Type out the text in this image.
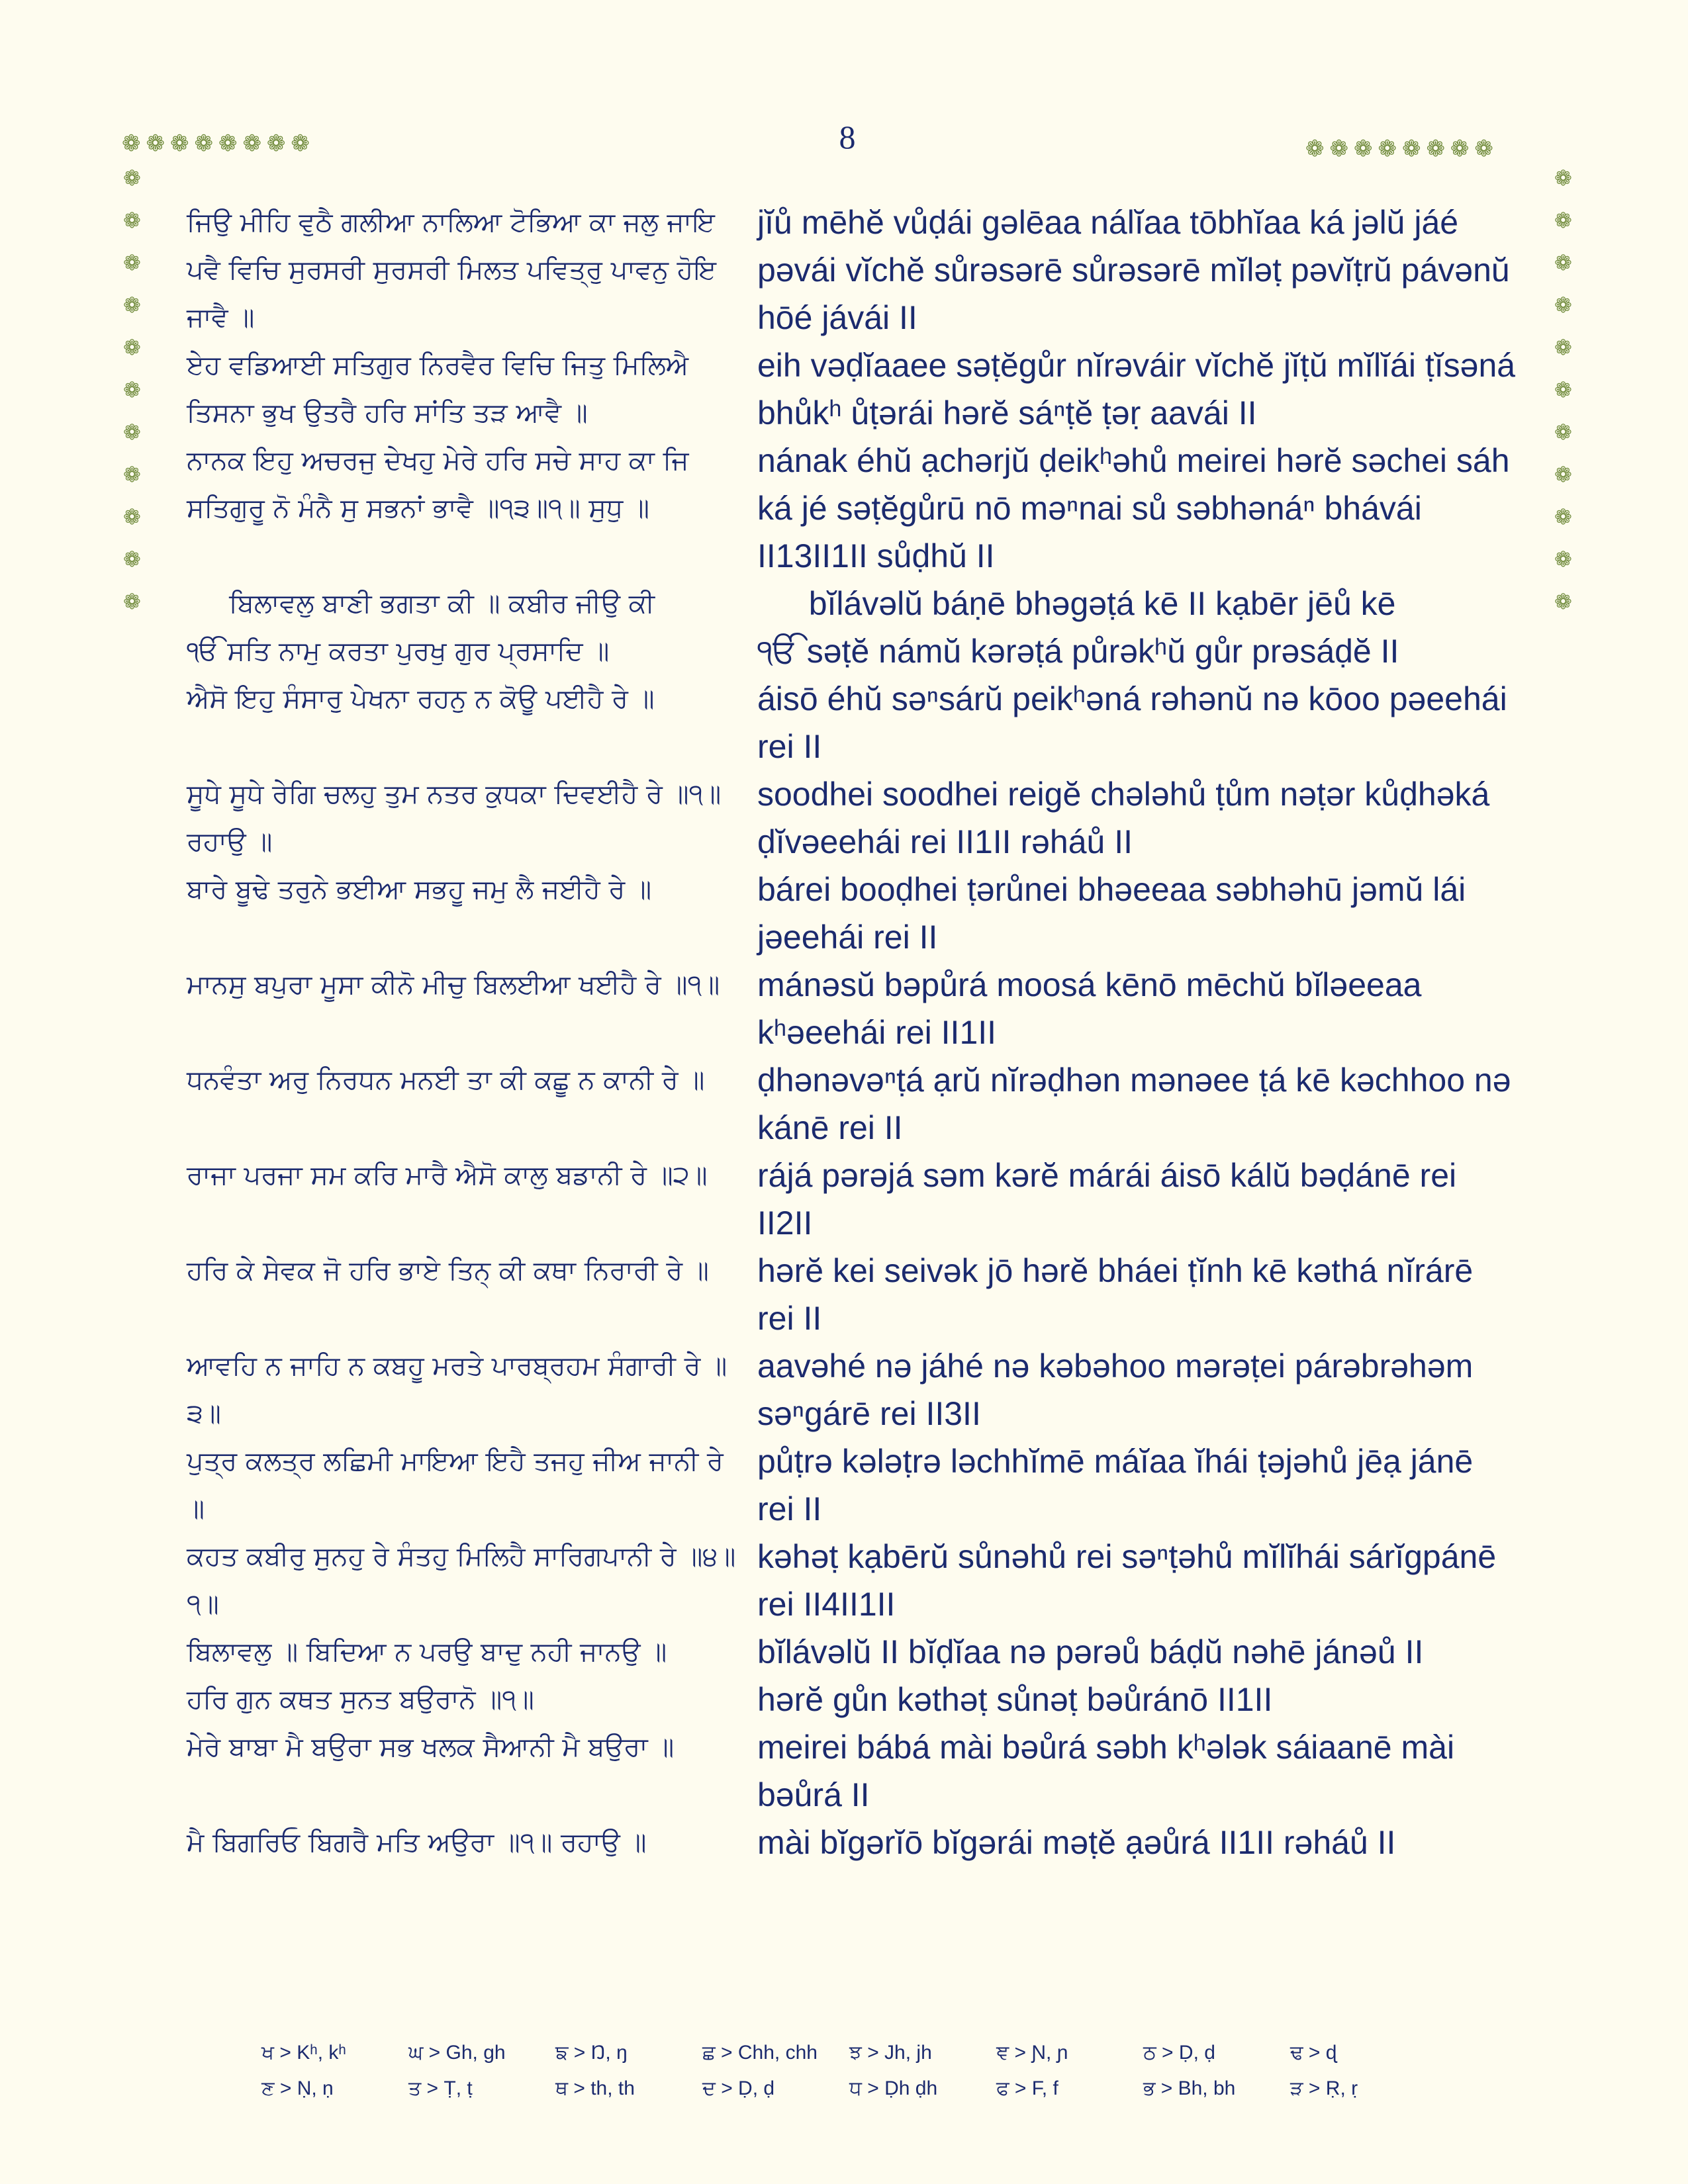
8
❁❁❁❁❁❁❁❁	❁❁❁❁❁❁❁❁
❁
❁
❁
❁
❁
❁
❁
❁
❁
❁
❁
❁
❁
❁
❁
❁
❁
❁
❁
❁
❁
❁
ਜਿਉ ਮੀਹਿ ਵੁਠੈ ਗਲੀਆ ਨਾਲਿਆ ਟੋਭਿਆ ਕਾ ਜਲੁ ਜਾਇ ਪਵੈ ਵਿਚਿ ਸੁਰਸਰੀ ਸੁਰਸਰੀ ਮਿਲਤ ਪਵਿਤ੍ਰੁ ਪਾਵਨੁ ਹੋਇ ਜਾਵੈ ॥
jĭů mēhĕ vůḍái gəlēaa nálĭaa tōbhĭaa ká jəlŭ jáé pəvái vĭchĕ sůrəsərē sůrəsərē mĭləṭ pəvĭṭrŭ pávənŭ hōé jávái II
ਏਹ ਵਡਿਆਈ ਸਤਿਗੁਰ ਨਿਰਵੈਰ ਵਿਚਿ ਜਿਤੁ ਮਿਲਿਐ ਤਿਸਨਾ ਭੁਖ ਉਤਰੈ ਹਰਿ ਸਾਂਤਿ ਤੜ ਆਵੈ ॥
eih vəḍĭaaee səṭĕgůr nĭrəváir vĭchĕ jĭṭŭ mĭlĭái ṭĭsəná bhůkʰ ůṭərái hərĕ sáⁿṭĕ ṭəṛ aavái II
ਨਾਨਕ ਇਹੁ ਅਚਰਜੁ ਦੇਖਹੁ ਮੇਰੇ ਹਰਿ ਸਚੇ ਸਾਹ ਕਾ ਜਿ ਸਤਿਗੁਰੂ ਨੋ ਮੰਨੈ ਸੁ ਸਭਨਾਂ ਭਾਵੈ ॥੧੩॥੧॥ ਸੁਧੁ ॥
nának éhŭ ạchərjŭ ḍeikʰəhů meirei hərĕ səchei sáh ká jé səṭĕgůrū nō məⁿnai sů səbhənáⁿ bhávái II13II1II sůḍhŭ II
ਬਿਲਾਵਲੁ ਬਾਣੀ ਭਗਤਾ ਕੀ ॥ ਕਬੀਰ ਜੀਉ ਕੀ	bĭlávəlŭ báṇē bhəgəṭá kē II kạbēr jēů kē
ੴ ਸਤਿ ਨਾਮੁ ਕਰਤਾ ਪੁਰਖੁ ਗੁਰ ਪ੍ਰਸਾਦਿ ॥	ੴ səṭĕ námŭ kərəṭá půrəkʰŭ gůr prəsáḍĕ II
ਐਸੋ ਇਹੁ ਸੰਸਾਰੁ ਪੇਖਨਾ ਰਹਨੁ ਨ ਕੋਊ ਪਈਹੈ ਰੇ ॥	áisō éhŭ səⁿsárŭ peikʰəná rəhənŭ nə kōoo pəeehái rei II
ਸੂਧੇ ਸੂਧੇ ਰੇਗਿ ਚਲਹੁ ਤੁਮ ਨਤਰ ਕੁਧਕਾ ਦਿਵਈਹੈ ਰੇ ॥੧॥ ਰਹਾਉ ॥
soodhei soodhei reigĕ chələhů ṭům nəṭər kůḍhəká ḍĭvəeehái rei II1II rəháů II
ਬਾਰੇ ਬੂਢੇ ਤਰੁਨੇ ਭਈਆ ਸਭਹੂ ਜਮੁ ਲੈ ਜਈਹੈ ਰੇ ॥	bárei booḍhei ṭərůnei bhəeeaa səbhəhū jəmŭ lái jəeehái rei II
ਮਾਨਸੁ ਬਪੁਰਾ ਮੂਸਾ ਕੀਨੋ ਮੀਚੁ ਬਿਲਈਆ ਖਈਹੈ ਰੇ ॥੧॥	mánəsŭ bəpůrá moosá kēnō mēchŭ bĭləeeaa kʰəeehái rei II1II
ਧਨਵੰਤਾ ਅਰੁ ਨਿਰਧਨ ਮਨਈ ਤਾ ਕੀ ਕਛੂ ਨ ਕਾਨੀ ਰੇ ॥	ḍhənəvəⁿṭá ạrŭ nĭrəḍhən mənəee ṭá kē kəchhoo nə kánē rei II
ਰਾਜਾ ਪਰਜਾ ਸਮ ਕਰਿ ਮਾਰੈ ਐਸੋ ਕਾਲੁ ਬਡਾਨੀ ਰੇ ॥੨॥	rájá pərəjá səm kərĕ márái áisō kálŭ bəḍánē rei II2II
ਹਰਿ ਕੇ ਸੇਵਕ ਜੋ ਹਰਿ ਭਾਏ ਤਿਨ੍ ਕੀ ਕਥਾ ਨਿਰਾਰੀ ਰੇ ॥	hərĕ kei seivək jō hərĕ bháei ṭĭnh kē kəthá nĭrárē rei II
ਆਵਹਿ ਨ ਜਾਹਿ ਨ ਕਬਹੂ ਮਰਤੇ ਪਾਰਬ੍ਰਹਮ ਸੰਗਾਰੀ ਰੇ ॥੩॥
aavəhé nə jáhé nə kəbəhoo mərəṭei párəbrəhəm səⁿgárē rei II3II
ਪੁਤ੍ਰ ਕਲਤ੍ਰ ਲਛਿਮੀ ਮਾਇਆ ਇਹੈ ਤਜਹੁ ਜੀਅ ਜਾਨੀ ਰੇ ॥
půṭrə kələṭrə ləchhĭmē máĭaa ĭhái ṭəjəhů jēạ jánē rei II
ਕਹਤ ਕਬੀਰੁ ਸੁਨਹੁ ਰੇ ਸੰਤਹੁ ਮਿਲਿਹੈ ਸਾਰਿਗਪਾਨੀ ਰੇ ॥੪॥੧॥
kəhəṭ kạbērŭ sůnəhů rei səⁿṭəhů mĭlĭhái sárĭgpánē rei II4II1II
ਬਿਲਾਵਲੁ ॥ ਬਿਦਿਆ ਨ ਪਰਉ ਬਾਦੁ ਨਹੀ ਜਾਨਉ ॥	bĭlávəlŭ II bĭḍĭaa nə pərəů báḍŭ nəhē jánəů II
ਹਰਿ ਗੁਨ ਕਥਤ ਸੁਨਤ ਬਉਰਾਨੋ ॥੧॥	hərĕ gůn kəthəṭ sůnəṭ bəůránō II1II
ਮੇਰੇ ਬਾਬਾ ਮੈ ਬਉਰਾ ਸਭ ਖਲਕ ਸੈਆਨੀ ਮੈ ਬਉਰਾ ॥	meirei bábá mài bəůrá səbh kʰələk sáiaanē mài bəůrá II
ਮੈ ਬਿਗਰਿਓ ਬਿਗਰੈ ਮਤਿ ਅਉਰਾ ॥੧॥ ਰਹਾਉ ॥	mài bĭgərĭō bĭgərái məṭĕ ạəůrá II1II rəháů II
ਖ > Kʰ, kʰ	ਘ > Gh, gh	ਙ > Ŋ, ŋ	ਛ > Chh, chh	ਝ > Jh, jh	ਞ > Ɲ, ɲ	ਠ > Ḍ, ḍ	ਢ > ɖ
ਣ > Ṇ, ṇ	ਤ > Ṭ, ṭ	ਥ > th, th	ਦ > Ḍ, ḍ	ਧ > Ḍh ḍh	ਫ > F, f	ਭ > Bh, bh	ੜ > Ṛ, ṛ
